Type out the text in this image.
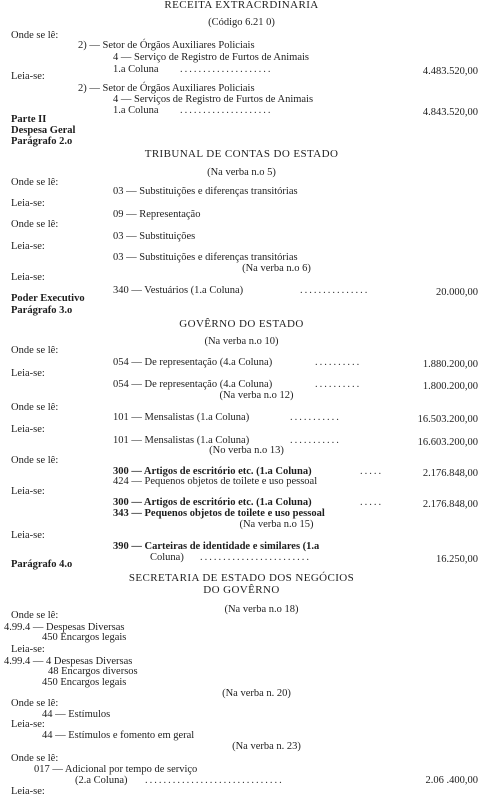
RECEITA EXTRACRDINARIA
(Código 6.21 0)
Onde se lê:
2) — Setor de Órgãos Auxiliares Policiais
4 — Serviço de Registro de Furtos de Animais
1.a Coluna ....................	4.483.520,00
Leia-se:
2) — Setor de Órgãos Auxiliares Policiais
4 — Serviços de Registro de Furtos de Animais
1.a Coluna ....................	4.843.520,00
Parte II
Despesa Geral
Parágrafo 2.o
TRIBUNAL DE CONTAS DO ESTADO
(Na verba n.o 5)
Onde se lê:
03 — Substituições e diferenças transitórias
Leia-se:
09 — Representação
Onde se lê:
03 — Substituições
Leia-se:
03 — Substituições e diferenças transitórias
(Na verba n.o 6)
Leia-se:
340 — Vestuários (1.a Coluna)	...............	20.000,00
Poder Executivo
Parágrafo 3.o
GOVÊRNO DO ESTADO
(Na verba n.o 10)
Onde se lê:
054 — De representação (4.a Coluna)	..........	1.880.200,00
Leia-se:
054 — De representação (4.a Coluna)	..........	1.800.200,00
(Na verba n.o 12)
Onde se lê:
101 — Mensalistas (1.a Coluna)	...........	16.503.200,00
Leia-se:
101 — Mensalistas (1.a Coluna)	...........	16.603.200,00
(No verba n.o 13)
Onde se lê:
300 — Artigos de escritório etc. (1.a Coluna)	.....	2.176.848,00
424 — Pequenos objetos de toilete e uso pessoal
Leia-se:
300 — Artigos de escritório etc. (1.a Coluna)	.....	2.176.848,00
343 — Pequenos objetos de toilete e uso pessoal
(Na verba n.o 15)
Leia-se:
390 — Carteiras de identidade e similares (1.a
Coluna) ........................	16.250,00
Parágrafo 4.o
SECRETARIA DE ESTADO DOS NEGÓCIOS
DO GOVÊRNO
(Na verba n.o 18)
Onde se lê:
4.99.4 — Despesas Diversas
450 Encargos legais
Leia-se:
4.99.4 — 4 Despesas Diversas
48 Encargos diversos
450 Encargos legais
(Na verba n. 20)
Onde se lê:
44 — Estímulos
Leia-se:
44 — Estímulos e fomento em geral
(Na verba n. 23)
Onde se lê:
017 — Adicional por tempo de serviço
(2.a Coluna) ..............................	2.06 .400,00
Leia-se:
